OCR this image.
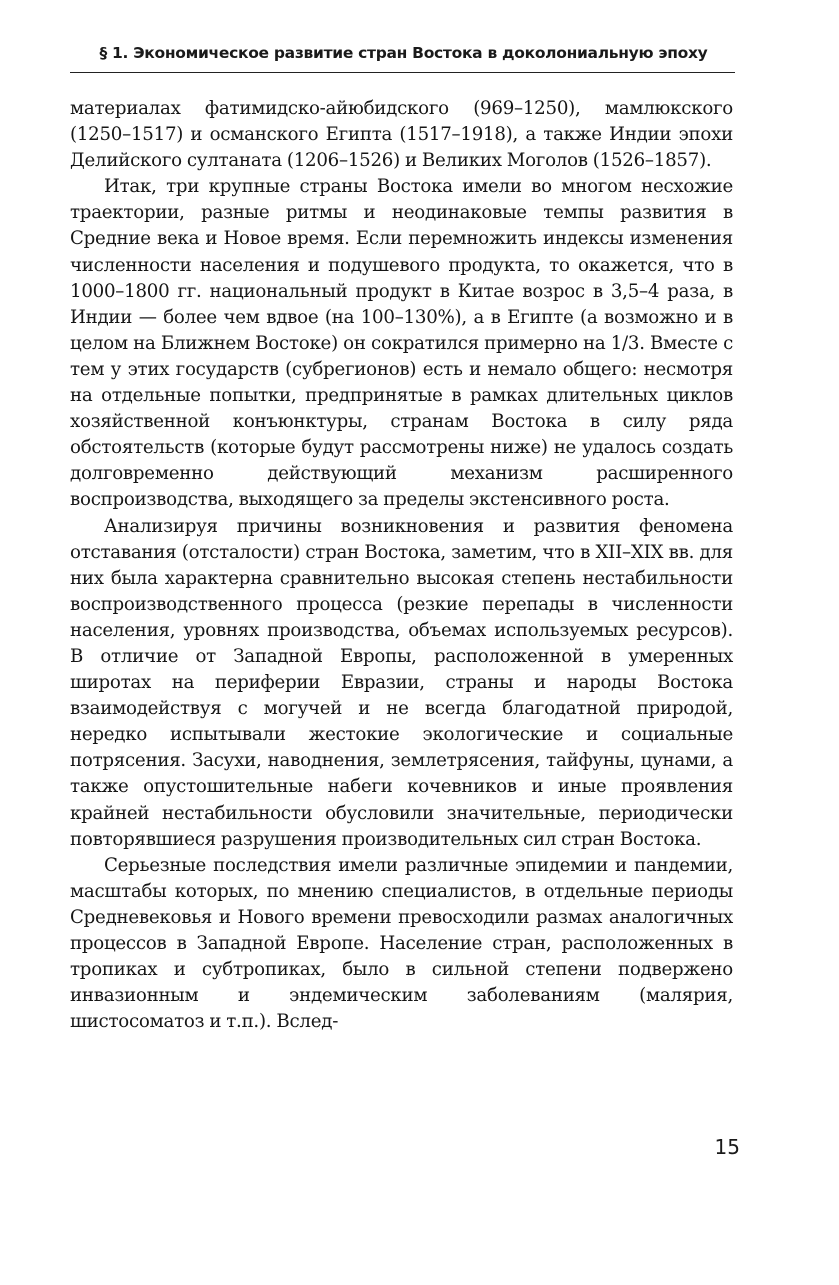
§ 1. Экономическое развитие стран Востока в доколониальную эпоху

материалах фатимидско-айюбидского (969–1250), мамлюкского (1250–1517) и османского Египта (1517–1918), а также Индии эпохи Делийского султаната (1206–1526) и Великих Моголов (1526–1857).

Итак, три крупные страны Востока имели во многом несхожие траектории, разные ритмы и неодинаковые темпы развития в Средние века и Новое время. Если перемножить индексы изменения численности населения и подушевого продукта, то окажется, что в 1000–1800 гг. национальный продукт в Китае возрос в 3,5–4 раза, в Индии — более чем вдвое (на 100–130%), а в Египте (а возможно и в целом на Ближнем Востоке) он сократился примерно на 1/3. Вместе с тем у этих государств (субрегионов) есть и немало общего: несмотря на отдельные попытки, предпринятые в рамках длительных циклов хозяйственной конъюнктуры, странам Востока в силу ряда обстоятельств (которые будут рассмотрены ниже) не удалось создать долговременно действующий механизм расширенного воспроизводства, выходящего за пределы экстенсивного роста.

Анализируя причины возникновения и развития феномена отставания (отсталости) стран Востока, заметим, что в XII–XIX вв. для них была характерна сравнительно высокая степень нестабильности воспроизводственного процесса (резкие перепады в численности населения, уровнях производства, объемах используемых ресурсов). В отличие от Западной Европы, расположенной в умеренных широтах на периферии Евразии, страны и народы Востока взаимодействуя с могучей и не всегда благодатной природой, нередко испытывали жестокие экологические и социальные потрясения. Засухи, наводнения, землетрясения, тайфуны, цунами, а также опустошительные набеги кочевников и иные проявления крайней нестабильности обусловили значительные, периодически повторявшиеся разрушения производительных сил стран Востока.

Серьезные последствия имели различные эпидемии и пандемии, масштабы которых, по мнению специалистов, в отдельные периоды Средневековья и Нового времени превосходили размах аналогичных процессов в Западной Европе. Население стран, расположенных в тропиках и субтропиках, было в сильной степени подвержено инвазионным и эндемическим заболеваниям (малярия, шистосоматоз и т.п.). Вслед-

15
